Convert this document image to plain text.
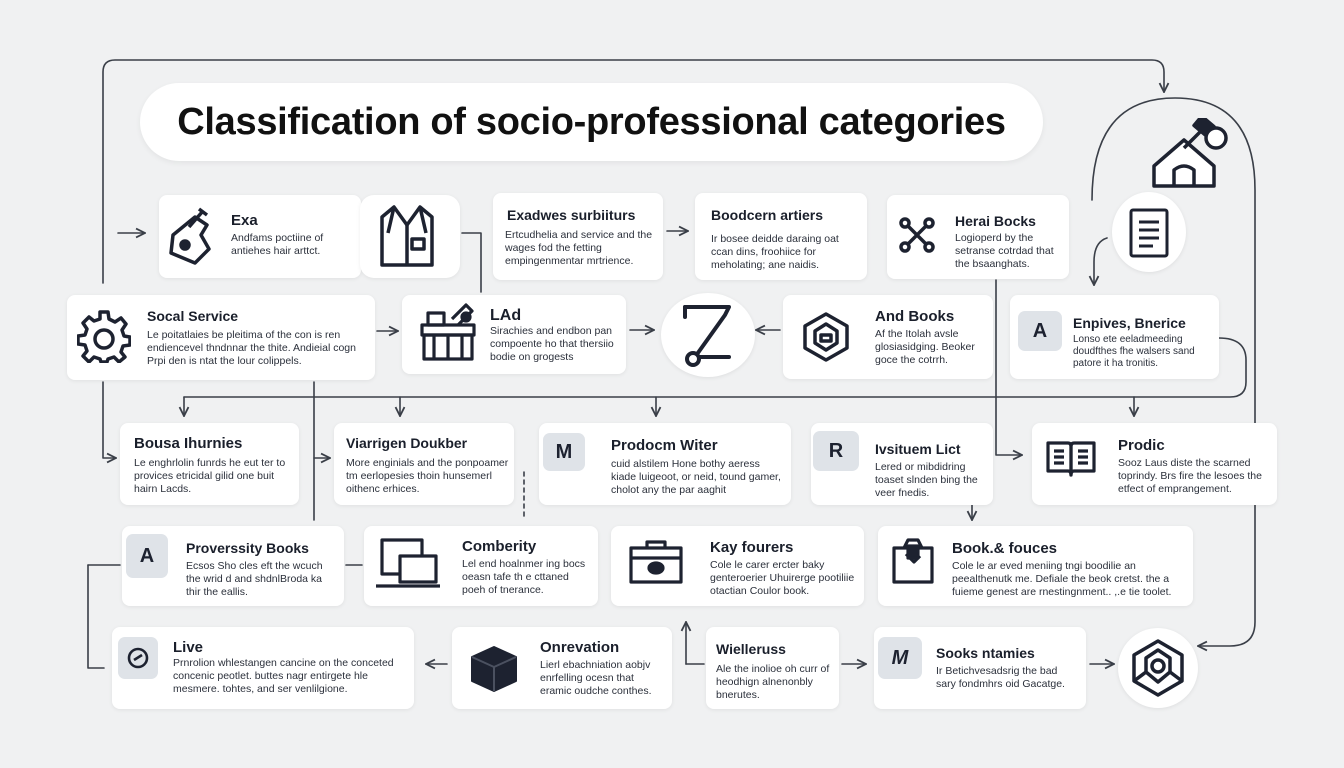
Classification of socio-professional categories
Exa

Andfams poctiine of antiehes hair arttct.

Exadwes surbiiturs

Ertcudhelia and service and the wages fod the fetting empingenmentar mrtrience.

Boodcern artiers

Ir bosee deidde daraing oat ccan dins, froohiice for meholating; ane naidis.

Herai Bocks

Logioperd by the setranse cotrdad that the bsaanghats.

Socal Service

Le poitatlaies be pleitima of the con is ren endiencevel thndnnar the thite. Andieial cogn Prpi den is ntat the lour colippels.

LAd

Sirachies and endbon pan compoente ho that thersiio bodie on grogests

And Books

Af the Itolah avsle glosiasidging. Beoker goce the cotrrh.

A	Enpives, Bnerice

Lonso ete eeladmeeding doudfthes fhe walsers sand patore it ha tronitis.

Bousa Ihurnies

Le enghrlolin funrds he eut ter to provices etricidal gilid one buit hairn Lacds.

Viarrigen Doukber

More enginials and the ponpoamer tm eerlopesies thoin hunsemerl oithenc erhices.

M	Prodocm Witer

cuid alstilem Hone bothy aeress kiade luigeoot, or neid, tound gamer, cholot any the par aaghit

R	Ivsituem Lict

Lered or mibdidring toaset slnden bing the veer fnedis.

Prodic

Sooz Laus diste the scarned toprindy. Brs fire the lesoes the etfect of emprangement.

A	Proverssity Books

Ecsos Sho cles eft the wcuch the wrid d and shdnlBroda ka thir the eallis.

Comberity

Lel end hoalnmer ing bocs oeasn tafe th e cttaned poeh of tnerance.

Kay fourers

Cole le carer ercter baky genteroerier Uhuirerge pootiliie otactian Coulor book.

Book.& fouces

Cole le ar eved meniing tngi boodilie an peealthenutk me. Defiale the beok cretst. the a fuieme genest are rnestingnment.. ,.e tie toolet.

Live

Prnrolion whlestangen cancine on the conceted concenic peotlet. buttes nagr entirgete hle mesmere. tohtes, and ser venlilgione.

Onrevation

Lierl ebachniation aobjv enrfelling ocesn that eramic oudche conthes.

Wielleruss

Ale the inolioe oh curr of heodhign alnenonbly bnerutes.

M	Sooks ntamies

Ir Betichvesadsrig the bad sary fondmhrs oid Gacatge.
